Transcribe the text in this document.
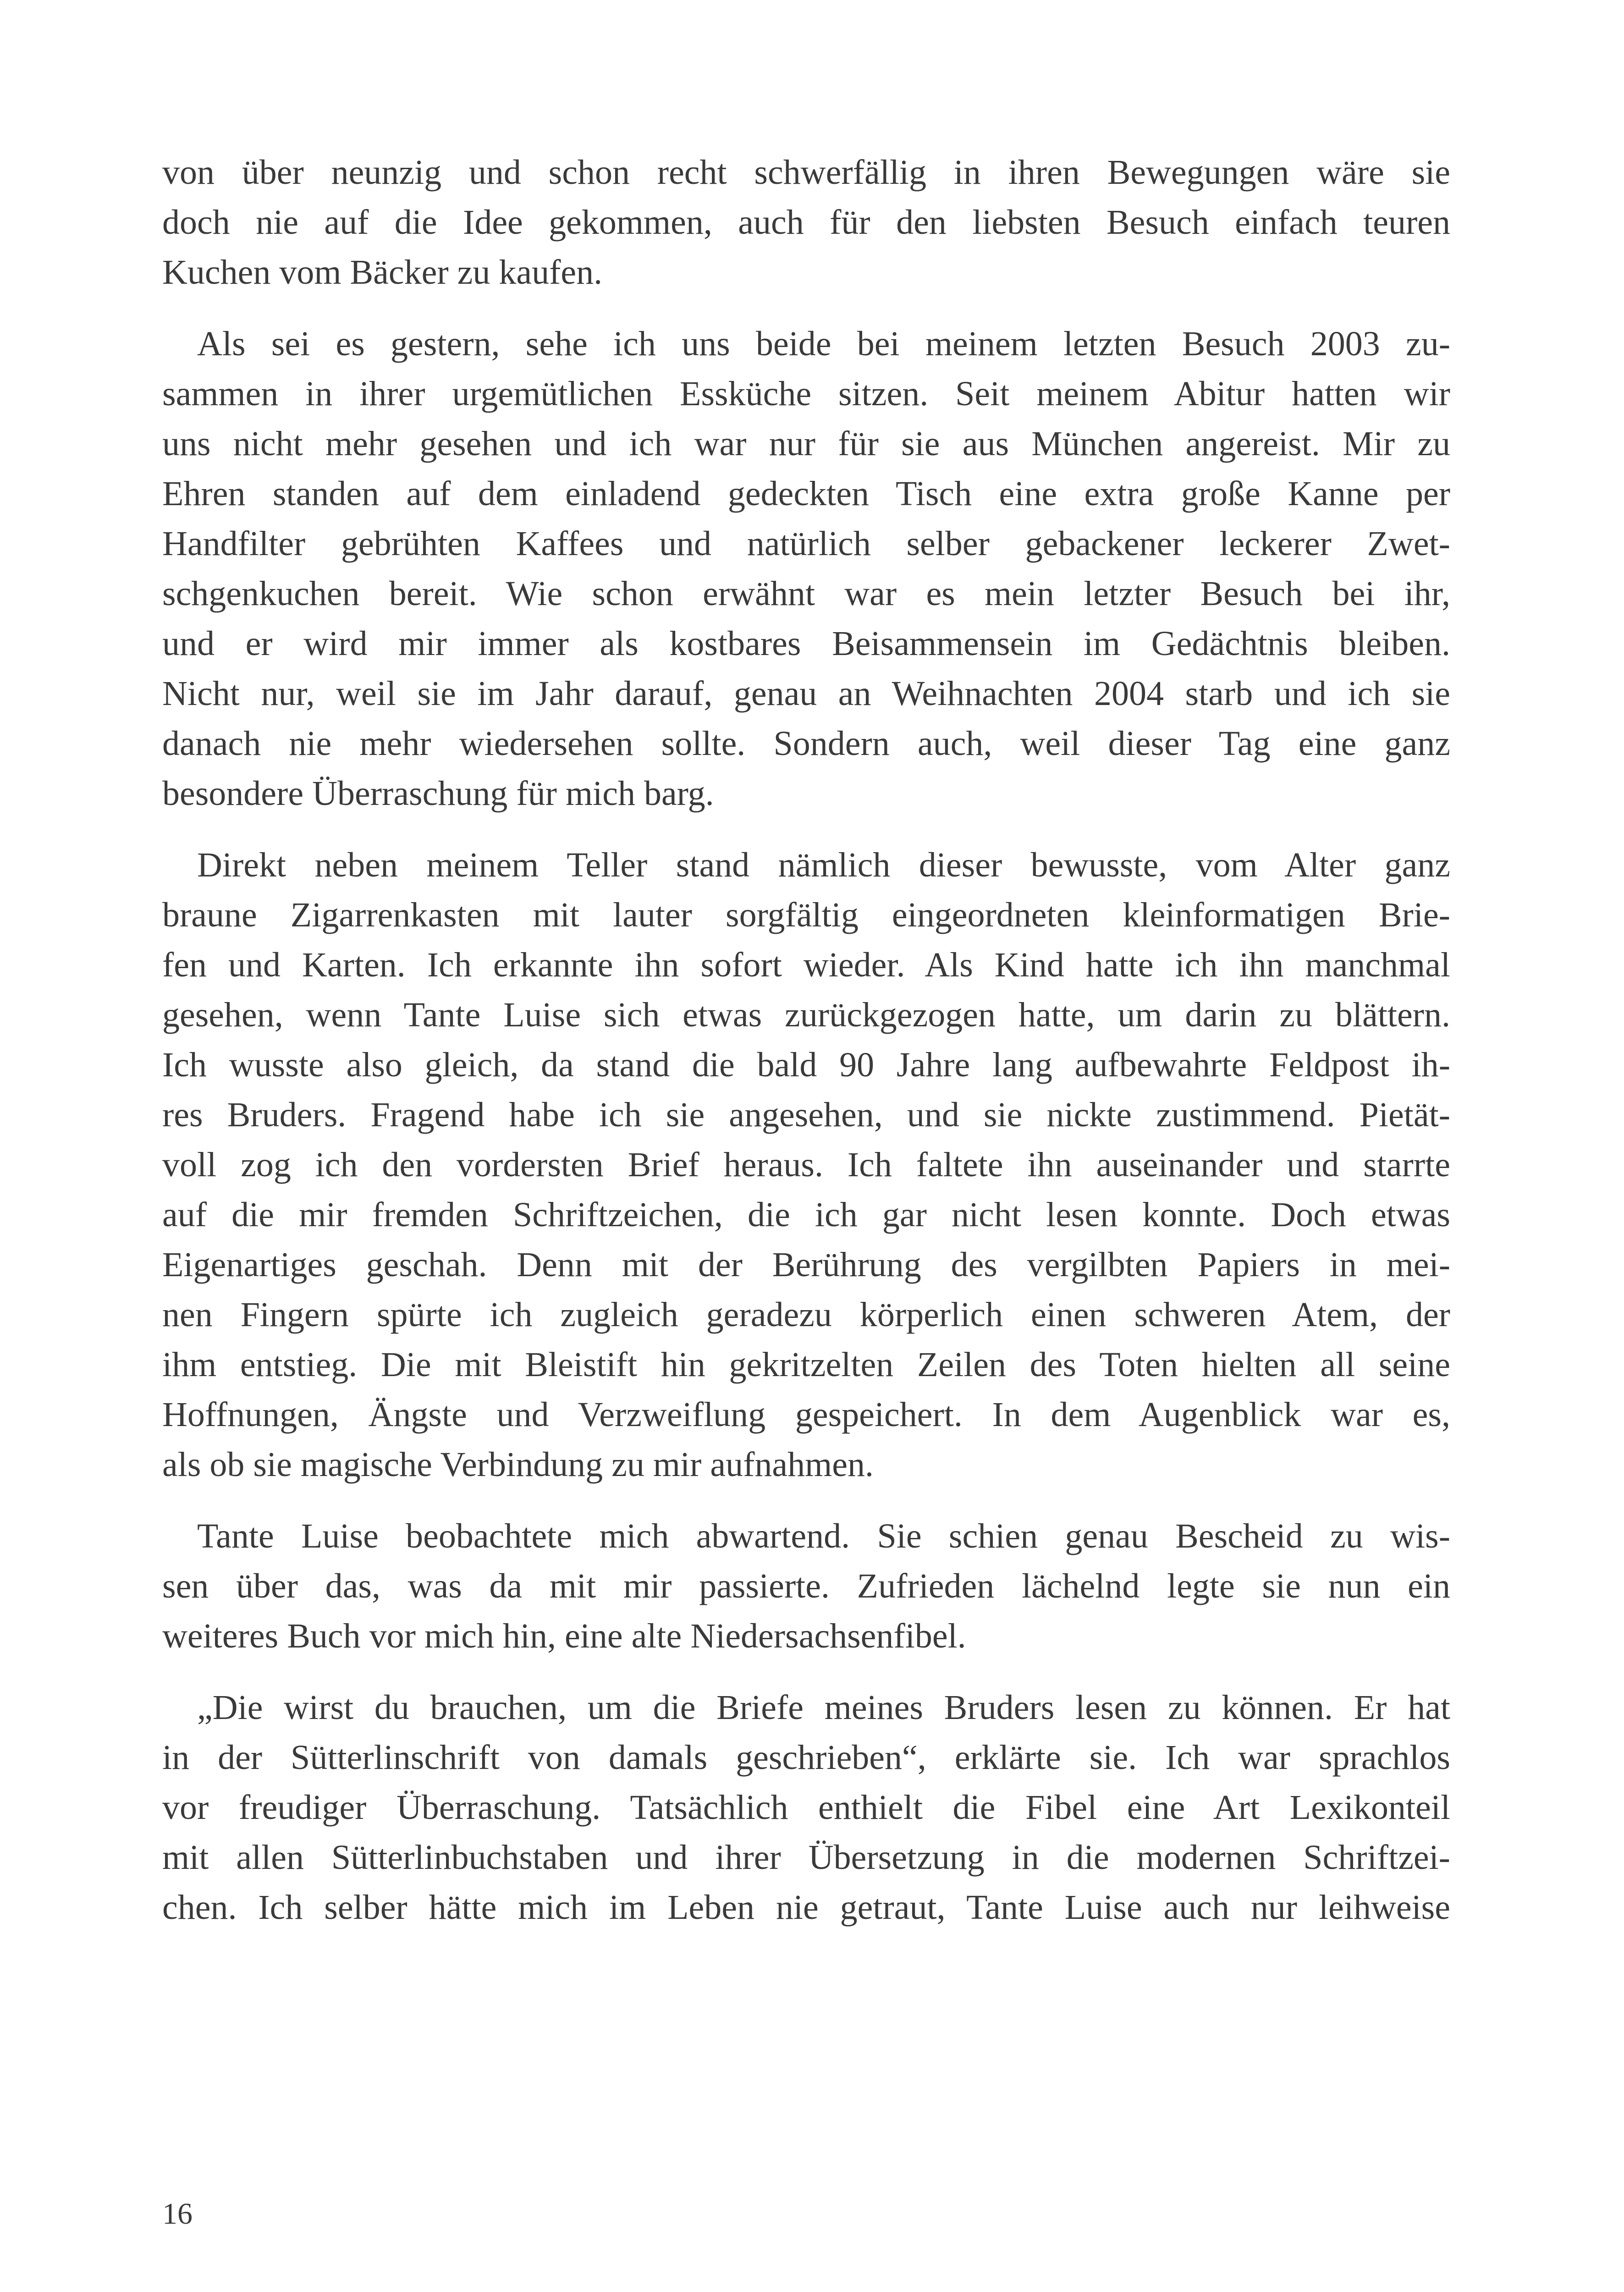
von über neunzig und schon recht schwerfällig in ihren Bewegungen wäre sie
doch nie auf die Idee gekommen, auch für den liebsten Besuch einfach teuren
Kuchen vom Bäcker zu kaufen.

Als sei es gestern, sehe ich uns beide bei meinem letzten Besuch 2003 zu-
sammen in ihrer urgemütlichen Essküche sitzen. Seit meinem Abitur hatten wir
uns nicht mehr gesehen und ich war nur für sie aus München angereist. Mir zu
Ehren standen auf dem einladend gedeckten Tisch eine extra große Kanne per
Handfilter gebrühten Kaffees und natürlich selber gebackener leckerer Zwet-
schgenkuchen bereit. Wie schon erwähnt war es mein letzter Besuch bei ihr,
und er wird mir immer als kostbares Beisammensein im Gedächtnis bleiben.
Nicht nur, weil sie im Jahr darauf, genau an Weihnachten 2004 starb und ich sie
danach nie mehr wiedersehen sollte. Sondern auch, weil dieser Tag eine ganz
besondere Überraschung für mich barg.

Direkt neben meinem Teller stand nämlich dieser bewusste, vom Alter ganz
braune Zigarrenkasten mit lauter sorgfältig eingeordneten kleinformatigen Brie-
fen und Karten. Ich erkannte ihn sofort wieder. Als Kind hatte ich ihn manchmal
gesehen, wenn Tante Luise sich etwas zurückgezogen hatte, um darin zu blättern.
Ich wusste also gleich, da stand die bald 90 Jahre lang aufbewahrte Feldpost ih-
res Bruders. Fragend habe ich sie angesehen, und sie nickte zustimmend. Pietät-
voll zog ich den vordersten Brief heraus. Ich faltete ihn auseinander und starrte
auf die mir fremden Schriftzeichen, die ich gar nicht lesen konnte. Doch etwas
Eigenartiges geschah. Denn mit der Berührung des vergilbten Papiers in mei-
nen Fingern spürte ich zugleich geradezu körperlich einen schweren Atem, der
ihm entstieg. Die mit Bleistift hin gekritzelten Zeilen des Toten hielten all seine
Hoffnungen, Ängste und Verzweiflung gespeichert. In dem Augenblick war es,
als ob sie magische Verbindung zu mir aufnahmen.

Tante Luise beobachtete mich abwartend. Sie schien genau Bescheid zu wis-
sen über das, was da mit mir passierte. Zufrieden lächelnd legte sie nun ein
weiteres Buch vor mich hin, eine alte Niedersachsenfibel.

„Die wirst du brauchen, um die Briefe meines Bruders lesen zu können. Er hat
in der Sütterlinschrift von damals geschrieben“, erklärte sie. Ich war sprachlos
vor freudiger Überraschung. Tatsächlich enthielt die Fibel eine Art Lexikonteil
mit allen Sütterlinbuchstaben und ihrer Übersetzung in die modernen Schriftzei-
chen. Ich selber hätte mich im Leben nie getraut, Tante Luise auch nur leihweise

16
